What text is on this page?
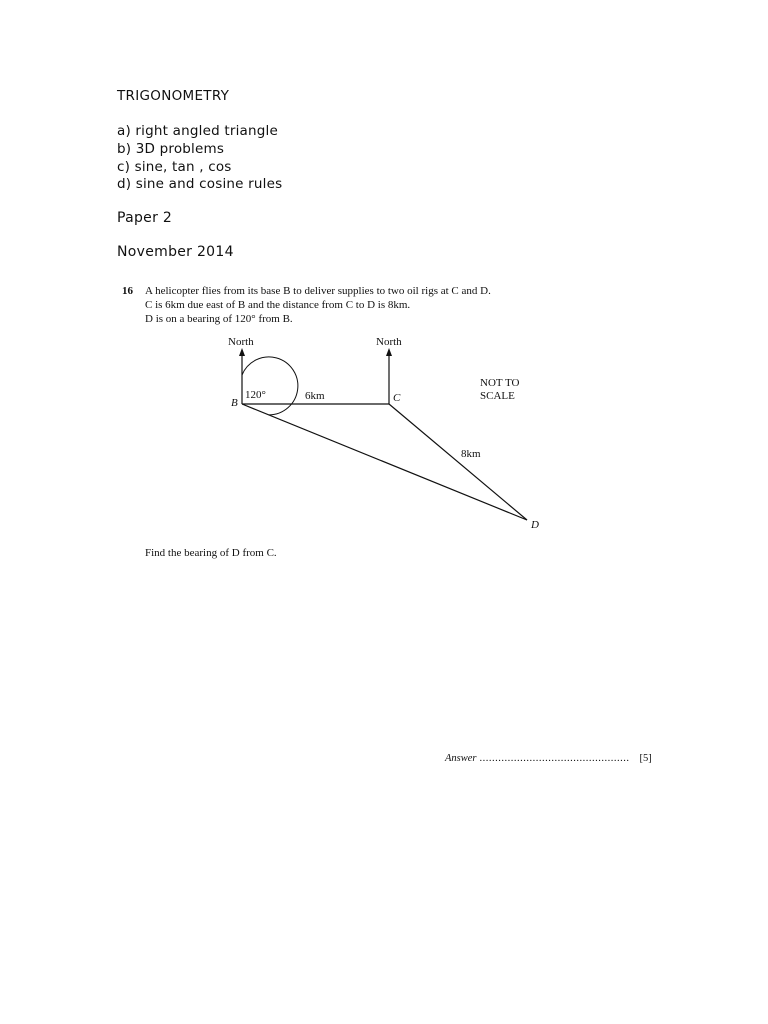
TRIGONOMETRY
a) right angled triangle
b) 3D problems
c) sine, tan , cos
d) sine and cosine rules
Paper 2
November 2014
16 A helicopter flies from its base B to deliver supplies to two oil rigs at C and D.
C is 6km due east of B and the distance from C to D is 8km.
D is on a bearing of 120° from B.
North	North
120°	6km
8km
B	C
D
NOT TO
SCALE
Find the bearing of D from C.
Answer ................................................ [5]
